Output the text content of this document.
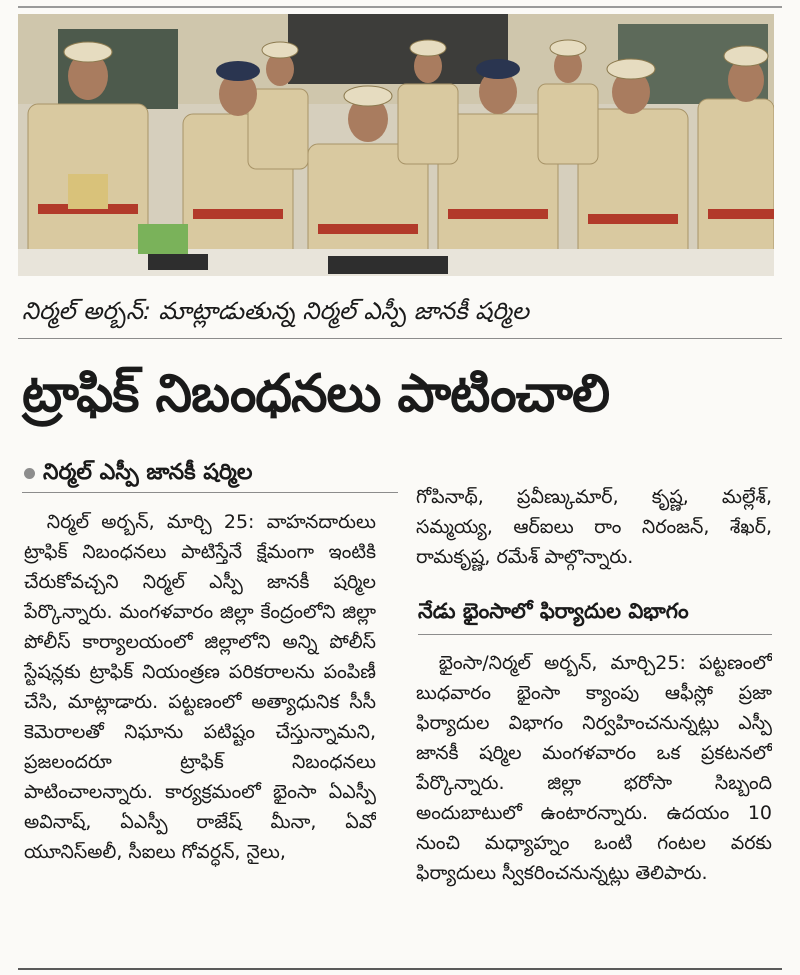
నిర్మల్ అర్బన్: మాట్లాడుతున్న నిర్మల్ ఎస్పీ జానకీ షర్మిల
ట్రాఫిక్ నిబంధనలు పాటించాలి
నిర్మల్ ఎస్పీ జానకీ షర్మిల
నిర్మల్ అర్బన్, మార్చి 25: వాహనదారులు ట్రాఫిక్ నిబంధనలు పాటిస్తేనే క్షేమంగా ఇంటికి చేరుకోవచ్చని నిర్మల్ ఎస్పీ జానకీ షర్మిల పేర్కొన్నారు. మంగళవారం జిల్లా కేంద్రంలోని జిల్లా పోలీస్ కార్యాలయంలో జిల్లాలోని అన్ని పోలీస్ స్టేషన్లకు ట్రాఫిక్ నియంత్రణ పరికరాలను పంపిణీ చేసి, మాట్లాడారు. పట్టణంలో అత్యాధునిక సీసీ కెమెరాలతో నిఘాను పటిష్టం చేస్తున్నామని, ప్రజలందరూ ట్రాఫిక్ నిబంధనలు పాటించాలన్నారు. కార్యక్రమంలో భైంసా ఏఎస్పీ అవినాష్, ఏఎస్పీ రాజేష్ మీనా, ఏవో యూనిస్అలీ, సీఐలు గోవర్ధన్, నైలు,
గోపినాథ్, ప్రవీణ్కుమార్, కృష్ణ, మల్లేశ్, సమ్మయ్య, ఆర్ఐలు రాం నిరంజన్, శేఖర్, రామకృష్ణ, రమేశ్ పాల్గొన్నారు.
నేడు భైంసాలో ఫిర్యాదుల విభాగం
భైంసా/నిర్మల్ అర్బన్, మార్చి25: పట్టణంలో బుధవారం భైంసా క్యాంపు ఆఫీస్లో ప్రజా ఫిర్యాదుల విభాగం నిర్వహించనున్నట్లు ఎస్పీ జానకీ షర్మిల మంగళవారం ఒక ప్రకటనలో పేర్కొన్నారు. జిల్లా భరోసా సిబ్బంది అందుబాటులో ఉంటారన్నారు. ఉదయం 10 నుంచి మధ్యాహ్నం ఒంటి గంటల వరకు ఫిర్యాదులు స్వీకరించనున్నట్లు తెలిపారు.
